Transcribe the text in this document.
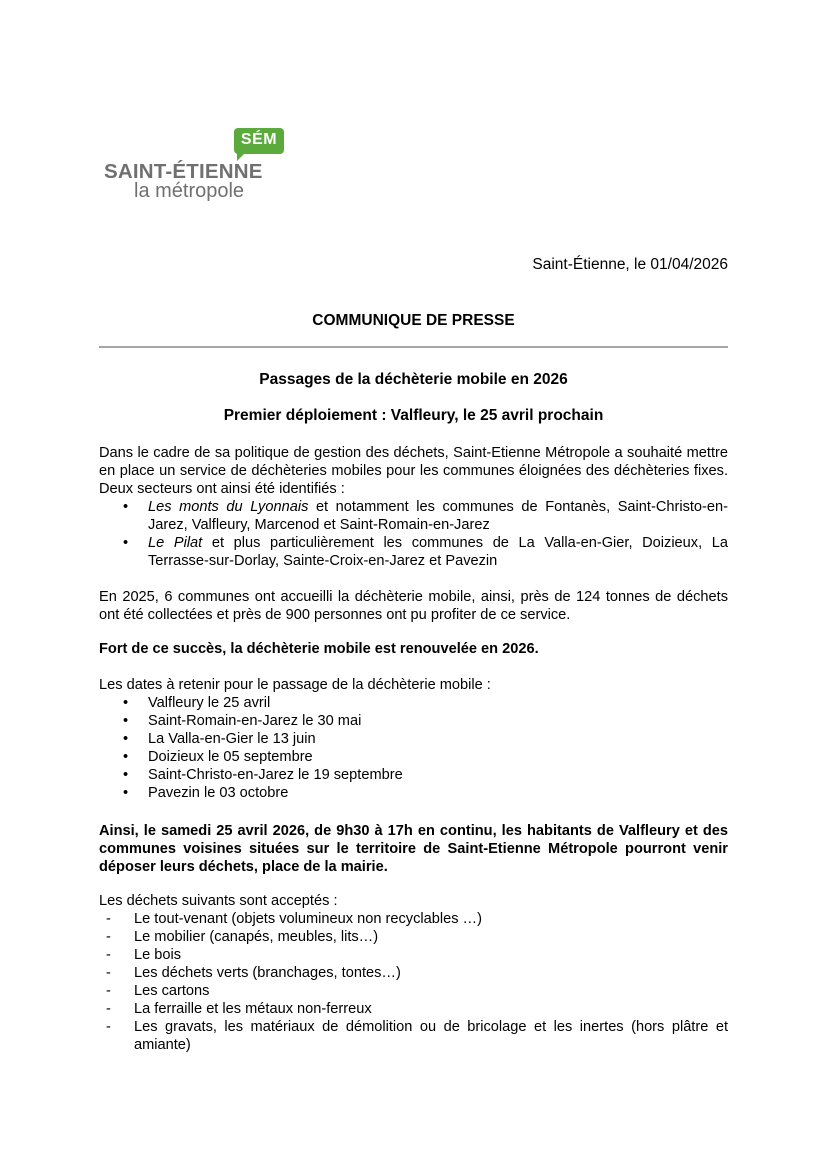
SÉM
SAINT-ÉTIENNE
la métropole
Saint-Étienne, le 01/04/2026
COMMUNIQUE DE PRESSE
Passages de la déchèterie mobile en 2026
Premier déploiement : Valfleury, le 25 avril prochain

Dans le cadre de sa politique de gestion des déchets, Saint-Etienne Métropole a souhaité mettre en place un service de déchèteries mobiles pour les communes éloignées des déchèteries fixes. Deux secteurs ont ainsi été identifiés :

• Les monts du Lyonnais et notamment les communes de Fontanès, Saint-Christo-en-Jarez, Valfleury, Marcenod et Saint-Romain-en-Jarez
• Le Pilat et plus particulièrement les communes de La Valla-en-Gier, Doizieux, La Terrasse-sur-Dorlay, Sainte-Croix-en-Jarez et Pavezin

En 2025, 6 communes ont accueilli la déchèterie mobile, ainsi, près de 124 tonnes de déchets ont été collectées et près de 900 personnes ont pu profiter de ce service.

Fort de ce succès, la déchèterie mobile est renouvelée en 2026.

Les dates à retenir pour le passage de la déchèterie mobile :

• Valfleury le 25 avril
• Saint-Romain-en-Jarez le 30 mai
• La Valla-en-Gier le 13 juin
• Doizieux le 05 septembre
• Saint-Christo-en-Jarez le 19 septembre
• Pavezin le 03 octobre

Ainsi, le samedi 25 avril 2026, de 9h30 à 17h en continu, les habitants de Valfleury et des communes voisines situées sur le territoire de Saint-Etienne Métropole pourront venir déposer leurs déchets, place de la mairie.

Les déchets suivants sont acceptés :

- Le tout-venant (objets volumineux non recyclables …)
- Le mobilier (canapés, meubles, lits…)
- Le bois
- Les déchets verts (branchages, tontes…)
- Les cartons
- La ferraille et les métaux non-ferreux
- Les gravats, les matériaux de démolition ou de bricolage et les inertes (hors plâtre et amiante)
